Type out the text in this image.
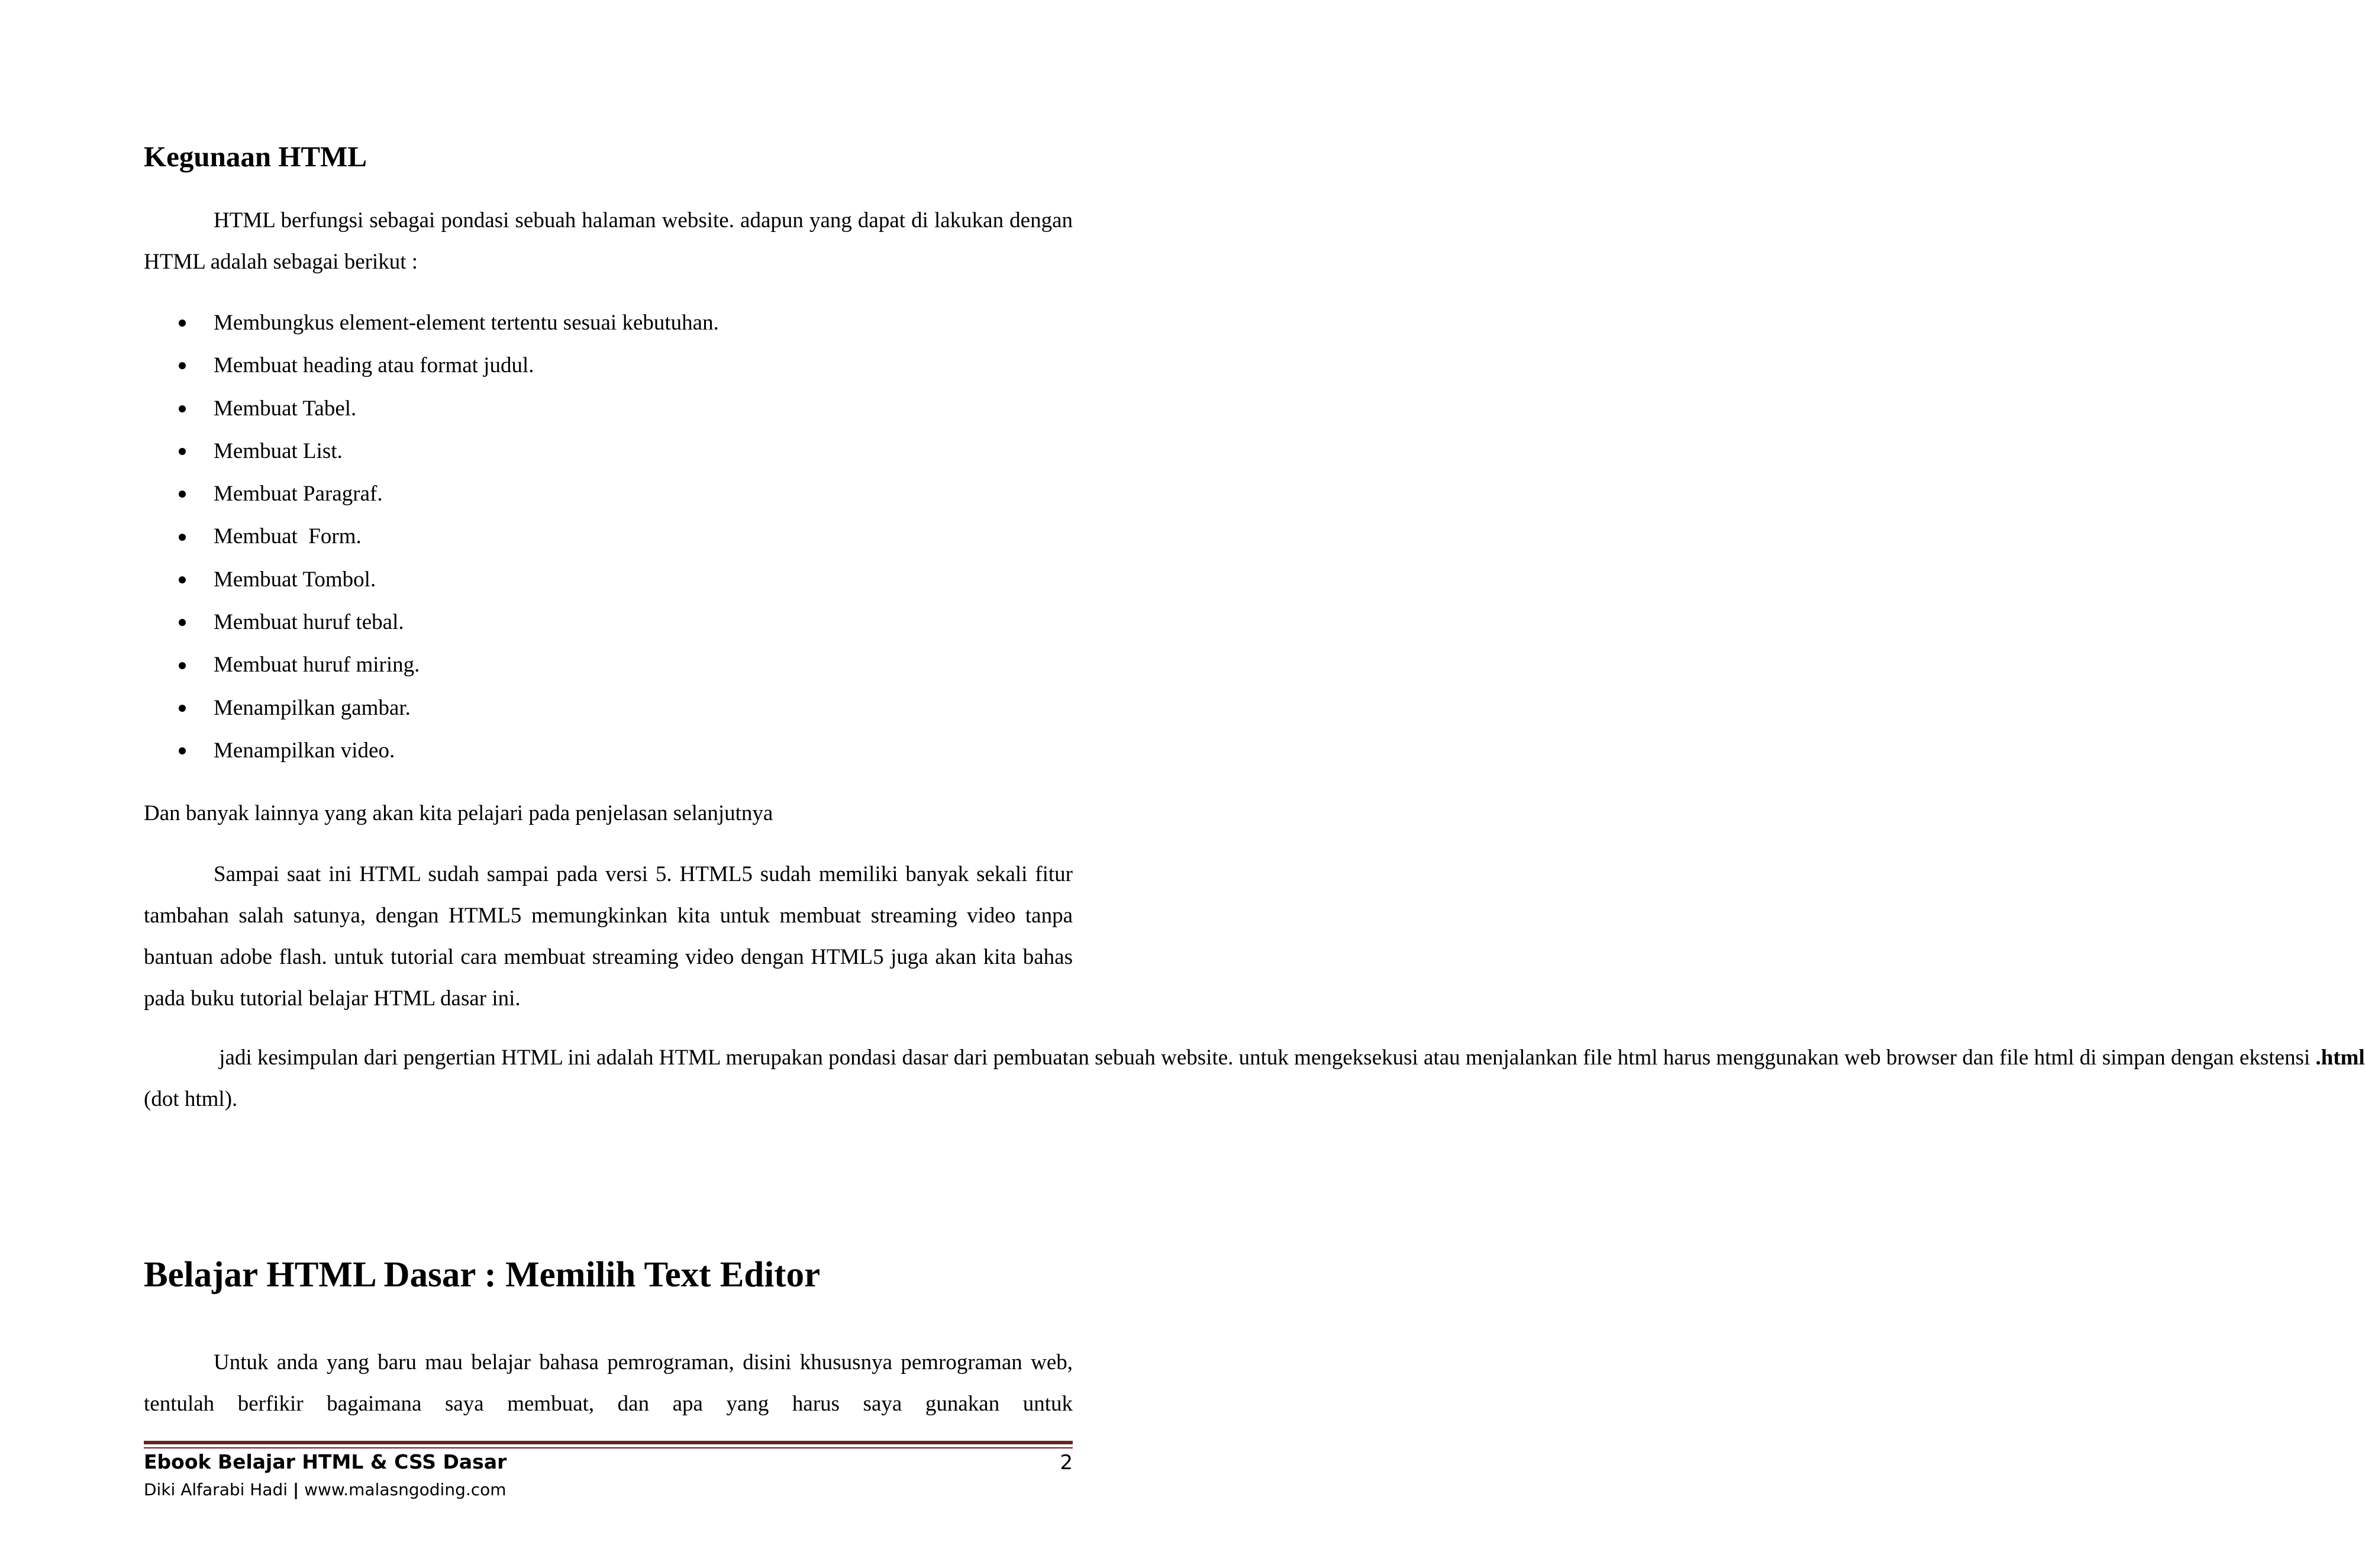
Kegunaan HTML

HTML berfungsi sebagai pondasi sebuah halaman website. adapun yang dapat di lakukan dengan HTML adalah sebagai berikut :

Membungkus element-element tertentu sesuai kebutuhan.
Membuat heading atau format judul.
Membuat Tabel.
Membuat List.
Membuat Paragraf.
Membuat  Form.
Membuat Tombol.
Membuat huruf tebal.
Membuat huruf miring.
Menampilkan gambar.
Menampilkan video.

Dan banyak lainnya yang akan kita pelajari pada penjelasan selanjutnya

Sampai saat ini HTML sudah sampai pada versi 5. HTML5 sudah memiliki banyak sekali fitur tambahan salah satunya, dengan HTML5 memungkinkan kita untuk membuat streaming video tanpa bantuan adobe flash. untuk tutorial cara membuat streaming video dengan HTML5 juga akan kita bahas pada buku tutorial belajar HTML dasar ini.

jadi kesimpulan dari pengertian HTML ini adalah HTML merupakan pondasi dasar dari pembuatan sebuah website. untuk mengeksekusi atau menjalankan file html harus menggunakan web browser dan file html di simpan dengan ekstensi .html (dot html).

Belajar HTML Dasar : Memilih Text Editor

Untuk anda yang baru mau belajar bahasa pemrograman, disini khususnya pemrograman web, tentulah berfikir bagaimana saya membuat, dan apa yang harus saya gunakan untuk

Ebook Belajar HTML & CSS Dasar	2
Diki Alfarabi Hadi | www.malasngoding.com
